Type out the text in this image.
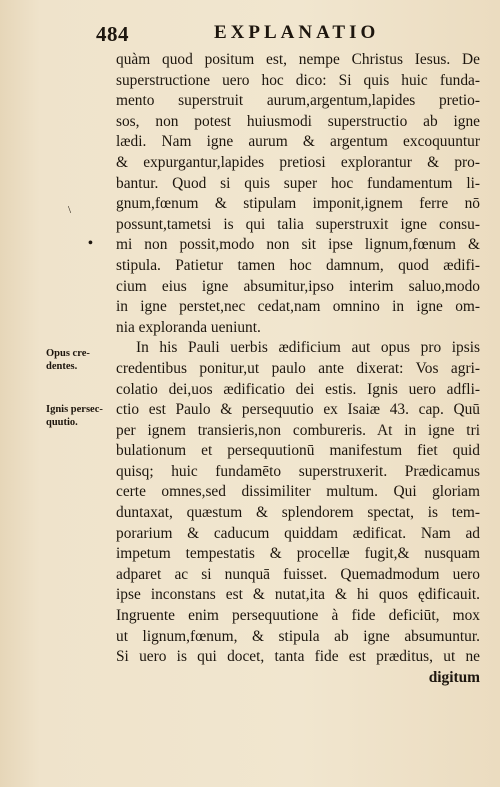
484	EXPLANATIO
quàm quod positum est, nempe Christus Iesus. De
superstructione uero hoc dico: Si quis huic funda-
mento superstruit aurum,argentum,lapides pretio-
sos, non potest huiusmodi superstructio ab igne
lædi. Nam igne aurum & argentum excoquuntur
& expurgantur,lapides pretiosi explorantur & pro-
bantur. Quod si quis super hoc fundamentum li-
gnum,fœnum & stipulam imponit,ignem ferre nō
possunt,tametsi is qui talia superstruxit igne consu-
mi non possit,modo non sit ipse lignum,fœnum &
stipula. Patietur tamen hoc damnum, quod ædifi-
cium eius igne absumitur,ipso interim saluo,modo
in igne perstet,nec cedat,nam omnino in igne om-
nia exploranda ueniunt.
In his Pauli uerbis ædificium aut opus pro ipsis
credentibus ponitur,ut paulo ante dixerat: Vos agri-
colatio dei,uos ædificatio dei estis. Ignis uero adfli-
ctio est Paulo & persequutio ex Isaiæ 43. cap. Quū
per ignem transieris,non combureris. At in igne tri
bulationum et persequutionū manifestum fiet quid
quisq; huic fundamēto superstruxerit. Prædicamus
certe omnes,sed dissimiliter multum. Qui gloriam
duntaxat, quæstum & splendorem spectat, is tem-
porarium & caducum quiddam ædificat. Nam ad
impetum tempestatis & procellæ fugit,& nusquam
adparet ac si nunquā fuisset. Quemadmodum uero
ipse inconstans est & nutat,ita & hi quos ędificauit.
Ingruente enim persequutione à fide deficiūt, mox
ut lignum,fœnum, & stipula ab igne absumuntur.
Si uero is qui docet, tanta fide est præditus, ut ne
digitum
Opus cre-
dentes.
Ignis persec-
quutio.
•
\
